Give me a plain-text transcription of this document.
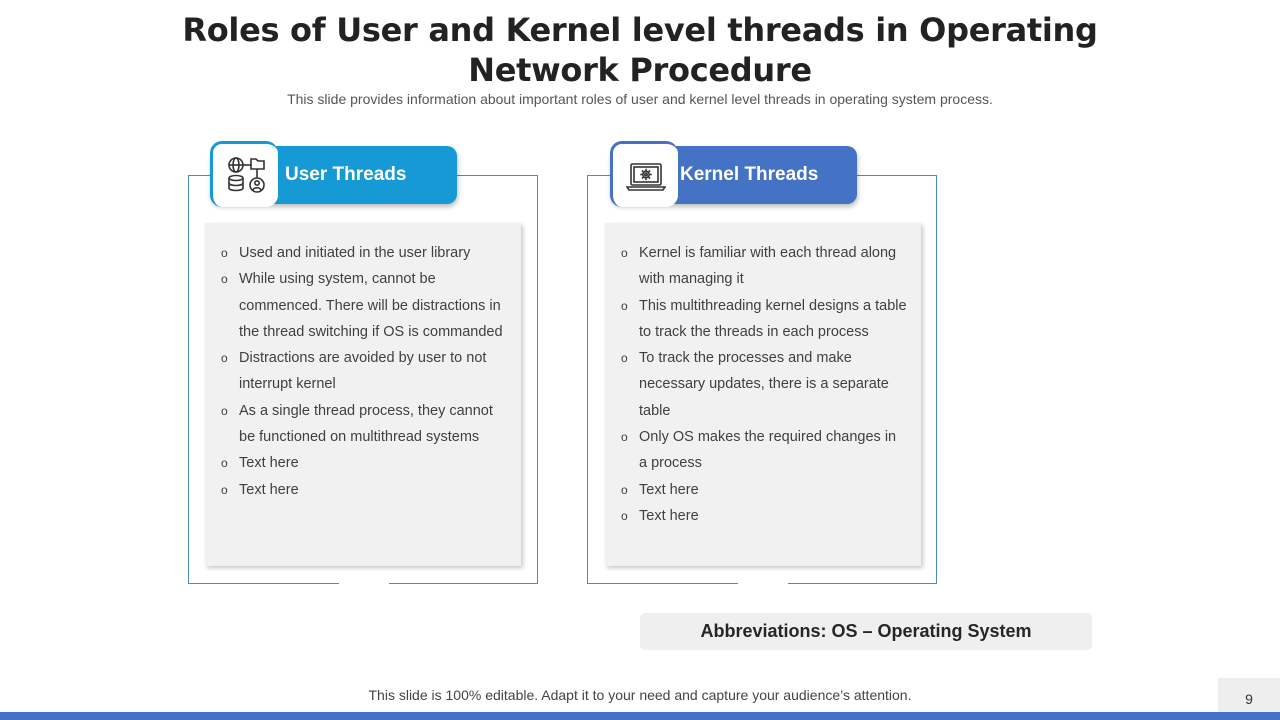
Roles of User and Kernel level threads in Operating
Network Procedure

This slide provides information about important roles of user and kernel level threads in operating system process.

User Threads
o Used and initiated in the user library
o While using system, cannot be commenced. There will be distractions in the thread switching if OS is commanded
o Distractions are avoided by user to not interrupt kernel
o As a single thread process, they cannot be functioned on multithread systems
o Text here
o Text here
Kernel Threads
o Kernel is familiar with each thread along with managing it
o This multithreading kernel designs a table to track the threads in each process
o To track the processes and make necessary updates, there is a separate table
o Only OS makes the required changes in a process
o Text here
o Text here
Abbreviations: OS – Operating System
This slide is 100% editable. Adapt it to your need and capture your audience’s attention.	9
